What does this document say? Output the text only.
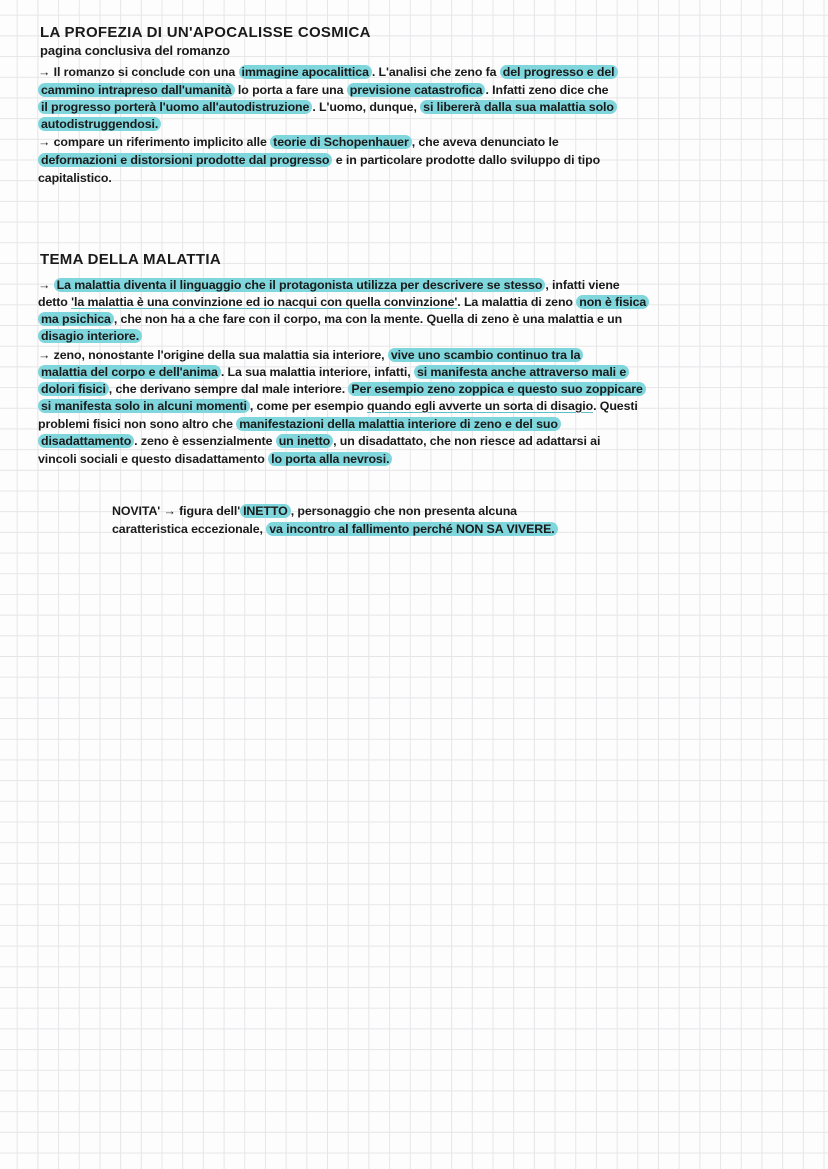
LA PROFEZIA DI UN'APOCALISSE COSMICA
pagina conclusiva del romanzo
→ Il romanzo si conclude con una immagine apocalittica . L'analisi che zeno fa del progresso e del
cammino intrapreso dall'umanità lo porta a fare una previsione catastrofica . Infatti zeno dice che
il progresso porterà l'uomo all'autodistruzione . L'uomo, dunque, si libererà dalla sua malattia solo
autodistruggendosi.
→ compare un riferimento implicito alle teorie di Schopenhauer , che aveva denunciato le
deformazioni e distorsioni prodotte dal progresso e in particolare prodotte dallo sviluppo di tipo
capitalistico.
TEMA DELLA MALATTIA
→ La malattia diventa il linguaggio che il protagonista utilizza per descrivere se stesso , infatti viene
detto 'la malattia è una convinzione ed io nacqui con quella convinzione'. La malattia di zeno non è fisica
ma psichica , che non ha a che fare con il corpo, ma con la mente. Quella di zeno è una malattia e un
disagio interiore.
→ zeno, nonostante l'origine della sua malattia sia interiore, vive uno scambio continuo tra la
malattia del corpo e dell'anima . La sua malattia interiore, infatti, si manifesta anche attraverso mali e
dolori fisici , che derivano sempre dal male interiore. Per esempio zeno zoppica e questo suo zoppicare
si manifesta solo in alcuni momenti , come per esempio quando egli avverte un sorta di disagio. Questi
problemi fisici non sono altro che manifestazioni della malattia interiore di zeno e del suo
disadattamento . zeno è essenzialmente un inetto , un disadattato, che non riesce ad adattarsi ai
vincoli sociali e questo disadattamento lo porta alla nevrosi.
NOVITA' → figura dell' INETTO , personaggio che non presenta alcuna
caratteristica eccezionale, va incontro al fallimento perché NON SA VIVERE.
